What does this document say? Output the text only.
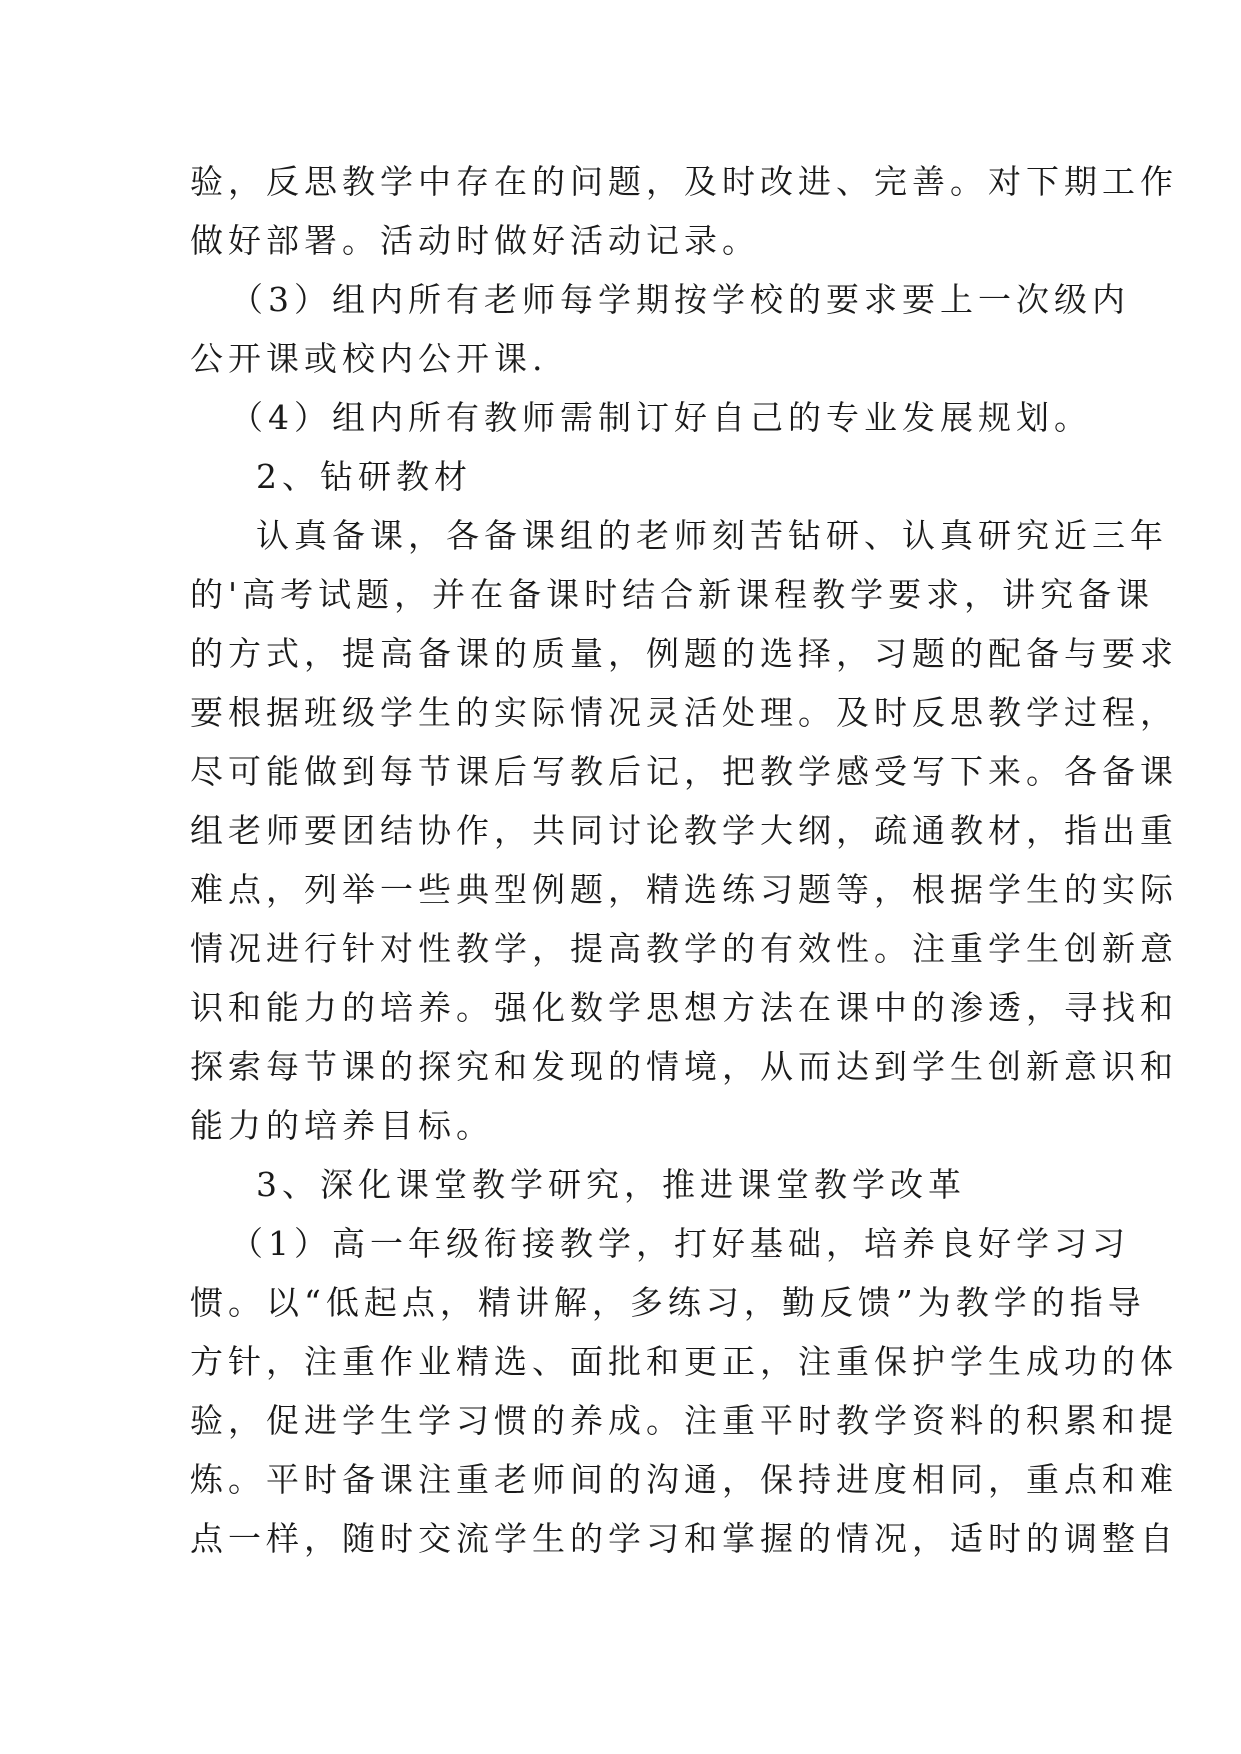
验，反思教学中存在的问题，及时改进、完善。对下期工作
做好部署。活动时做好活动记录。
（3）组内所有老师每学期按学校的要求要上一次级内
公开课或校内公开课.
（4）组内所有教师需制订好自己的专业发展规划。
2、钻研教材
认真备课，各备课组的老师刻苦钻研、认真研究近三年
的'高考试题，并在备课时结合新课程教学要求，讲究备课
的方式，提高备课的质量，例题的选择，习题的配备与要求
要根据班级学生的实际情况灵活处理。及时反思教学过程，
尽可能做到每节课后写教后记，把教学感受写下来。各备课
组老师要团结协作，共同讨论教学大纲，疏通教材，指出重
难点，列举一些典型例题，精选练习题等，根据学生的实际
情况进行针对性教学，提高教学的有效性。注重学生创新意
识和能力的培养。强化数学思想方法在课中的渗透，寻找和
探索每节课的探究和发现的情境，从而达到学生创新意识和
能力的培养目标。
3、深化课堂教学研究，推进课堂教学改革
（1）高一年级衔接教学，打好基础，培养良好学习习
惯。以“低起点，精讲解，多练习，勤反馈”为教学的指导
方针，注重作业精选、面批和更正，注重保护学生成功的体
验，促进学生学习惯的养成。注重平时教学资料的积累和提
炼。平时备课注重老师间的沟通，保持进度相同，重点和难
点一样，随时交流学生的学习和掌握的情况，适时的调整自
